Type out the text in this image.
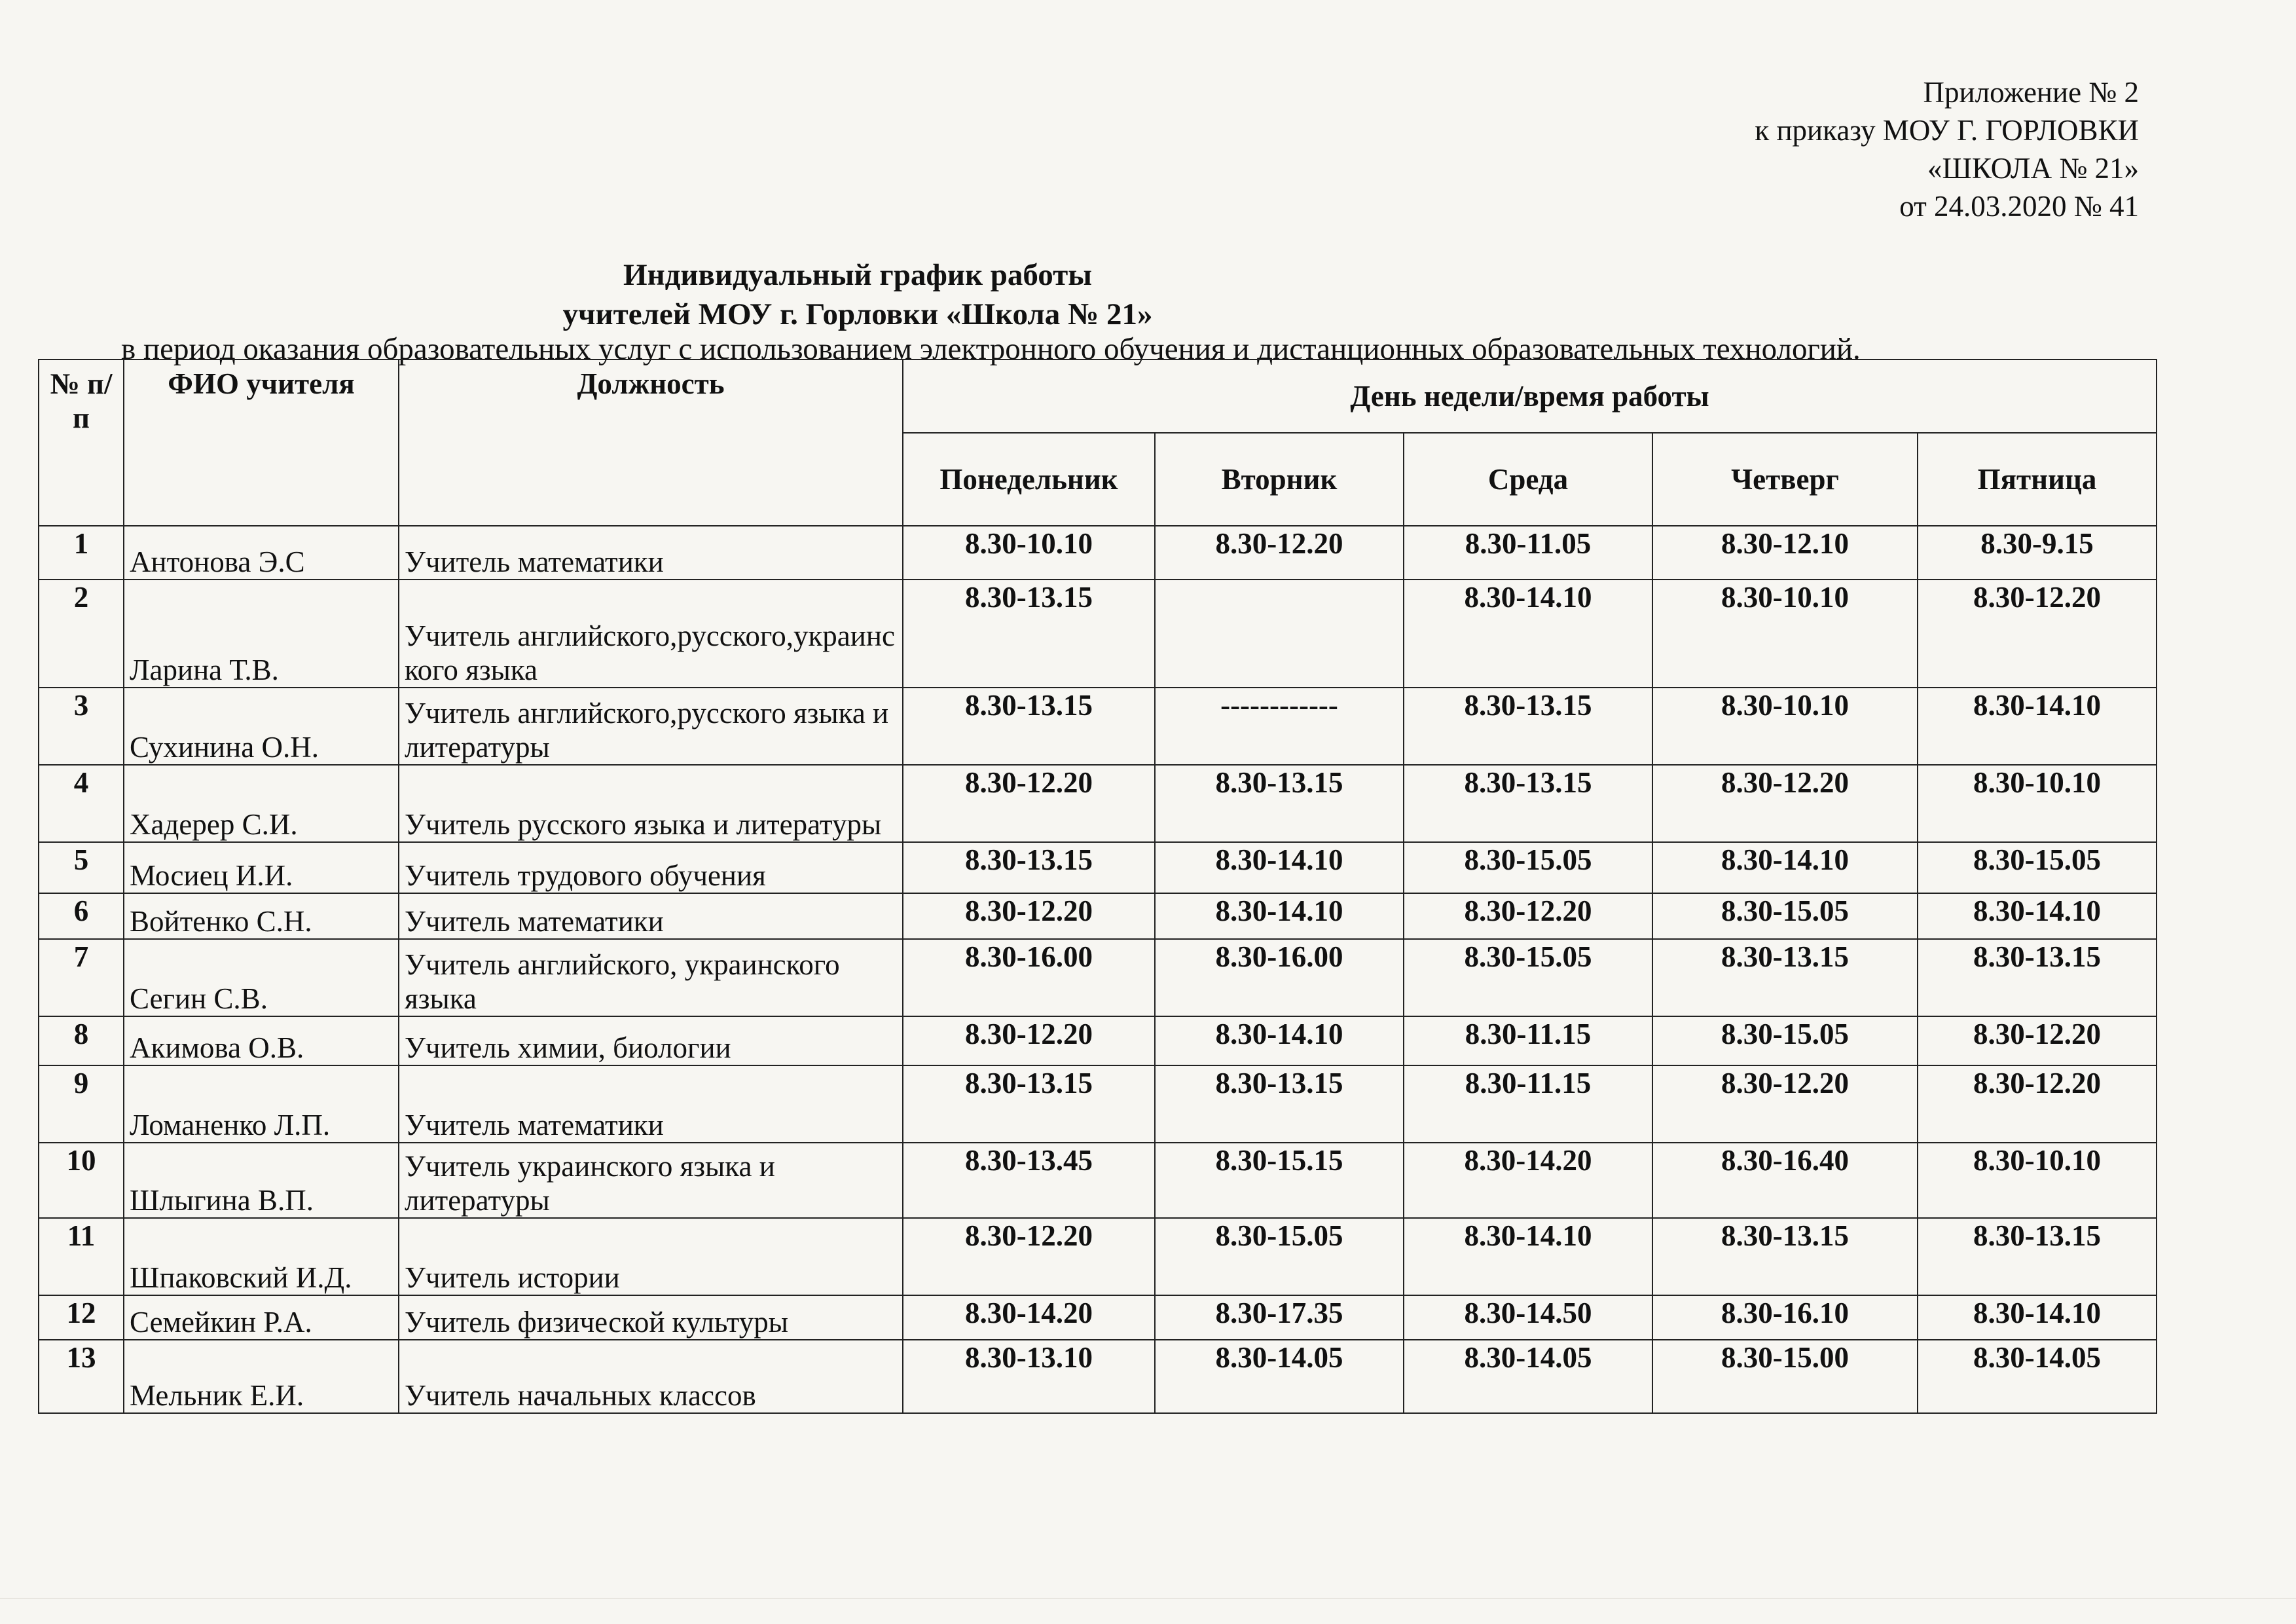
Приложение № 2
к приказу МОУ Г. ГОРЛОВКИ
«ШКОЛА № 21»
от 24.03.2020 № 41
Индивидуальный график работы
учителей МОУ г. Горловки «Школа № 21»
в период оказания образовательных услуг с использованием электронного обучения и дистанционных образовательных технологий.
№ п/п	ФИО учителя	Должность	День недели/время работы				
			Понедельник	Вторник	Среда	Четверг	Пятница
1	Антонова Э.С	Учитель математики	8.30-10.10	8.30-12.20	8.30-11.05	8.30-12.10	8.30-9.15
2	Ларина Т.В.	Учитель английского,русского,украинского языка	8.30-13.15		8.30-14.10	8.30-10.10	8.30-12.20
3	Сухинина О.Н.	Учитель английского,русского языка и литературы	8.30-13.15	------------	8.30-13.15	8.30-10.10	8.30-14.10
4	Хадерер С.И.	Учитель русского языка и литературы	8.30-12.20	8.30-13.15	8.30-13.15	8.30-12.20	8.30-10.10
5	Мосиец И.И.	Учитель трудового обучения	8.30-13.15	8.30-14.10	8.30-15.05	8.30-14.10	8.30-15.05
6	Войтенко С.Н.	Учитель математики	8.30-12.20	8.30-14.10	8.30-12.20	8.30-15.05	8.30-14.10
7	Сегин С.В.	Учитель английского, украинского языка	8.30-16.00	8.30-16.00	8.30-15.05	8.30-13.15	8.30-13.15
8	Акимова О.В.	Учитель химии, биологии	8.30-12.20	8.30-14.10	8.30-11.15	8.30-15.05	8.30-12.20
9	Ломаненко Л.П.	Учитель математики	8.30-13.15	8.30-13.15	8.30-11.15	8.30-12.20	8.30-12.20
10	Шлыгина В.П.	Учитель украинского языка и литературы	8.30-13.45	8.30-15.15	8.30-14.20	8.30-16.40	8.30-10.10
11	Шпаковский И.Д.	Учитель истории	8.30-12.20	8.30-15.05	8.30-14.10	8.30-13.15	8.30-13.15
12	Семейкин Р.А.	Учитель физической культуры	8.30-14.20	8.30-17.35	8.30-14.50	8.30-16.10	8.30-14.10
13	Мельник Е.И.	Учитель начальных классов	8.30-13.10	8.30-14.05	8.30-14.05	8.30-15.00	8.30-14.05
